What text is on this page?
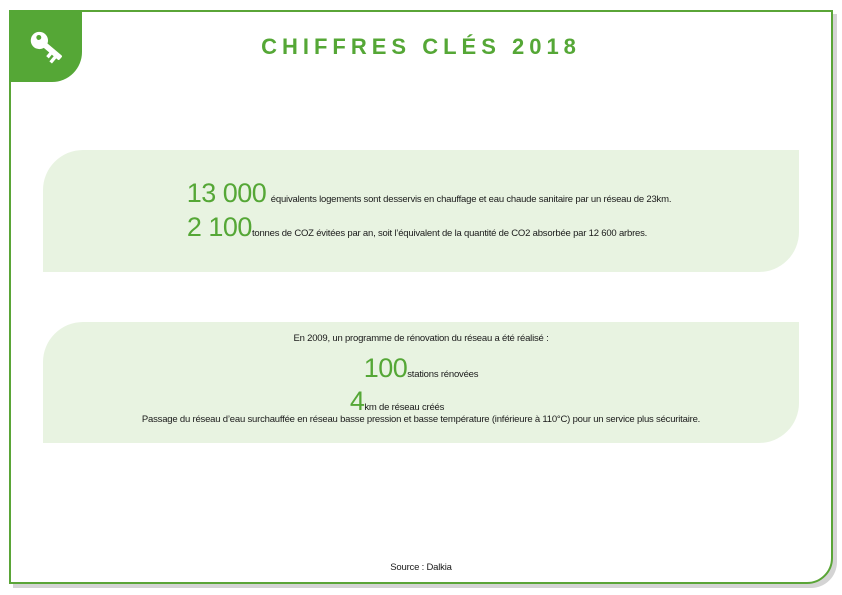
CHIFFRES CLÉS 2018
13 000 équivalents logements sont desservis en chauffage et eau chaude sanitaire par un réseau de 23km.
2 100tonnes de COZ évitées par an, soit l’équivalent de la quantité de CO2 absorbée par 12 600 arbres.
En 2009, un programme de rénovation du réseau a été réalisé :
100stations rénovées
4km de réseau créés
Passage du réseau d’eau surchauffée en réseau basse pression et basse température (inférieure à 110°C) pour un service plus sécuritaire.

Source : Dalkia
